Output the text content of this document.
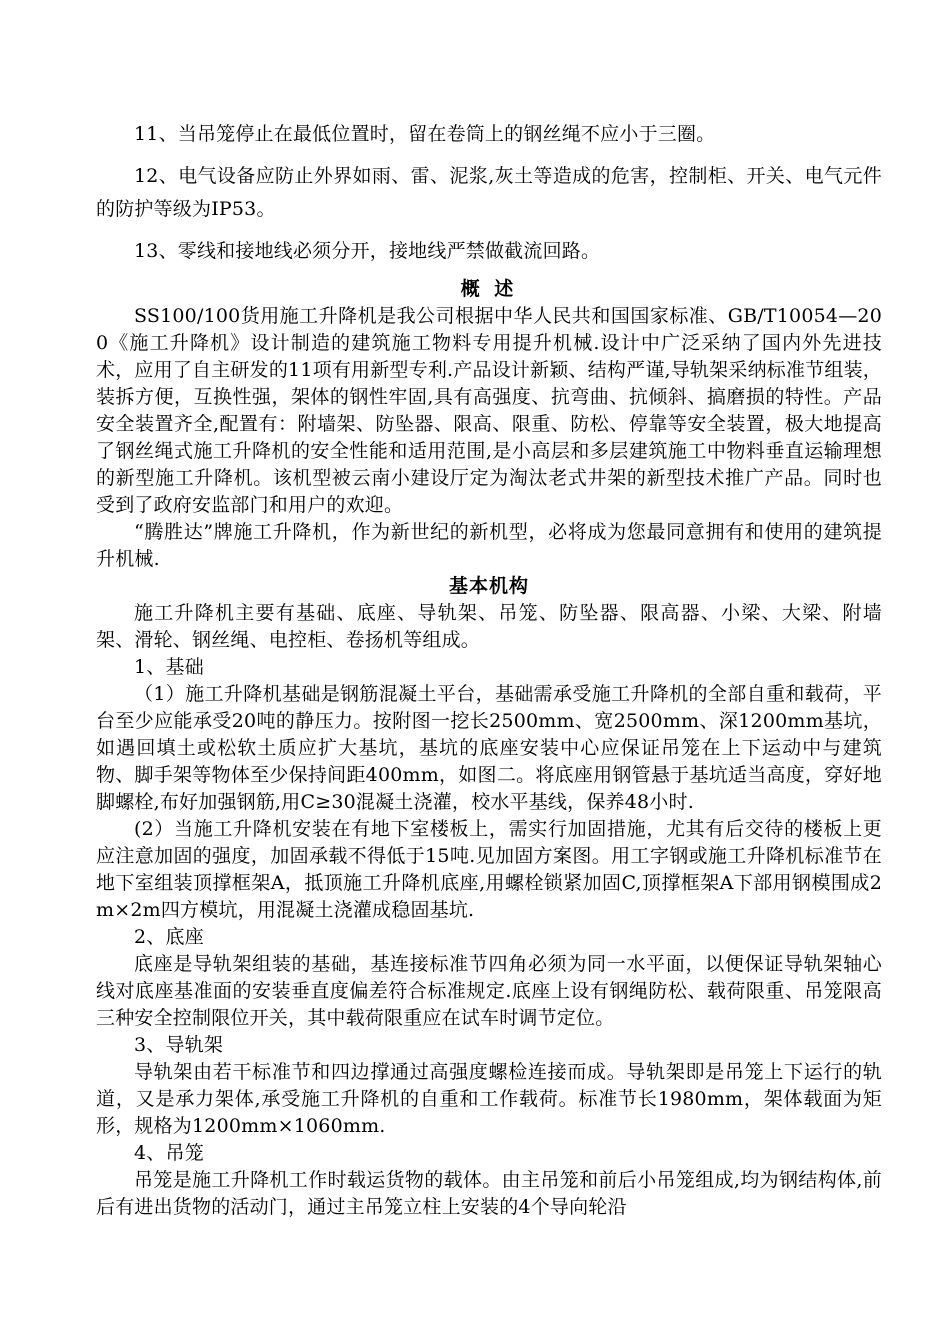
11、当吊笼停止在最低位置时，留在卷筒上的钢丝绳不应小于三圈。

12、电气设备应防止外界如雨、雷、泥浆,灰土等造成的危害，控制柜、开关、电气元件的防护等级为IP53。

13、零线和接地线必须分开，接地线严禁做截流回路。

概 述

SS100/100货用施工升降机是我公司根据中华人民共和国国家标准、GB/T10054—200《施工升降机》设计制造的建筑施工物料专用提升机械.设计中广泛采纳了国内外先进技术，应用了自主研发的11项有用新型专利.产品设计新颖、结构严谨,导轨架采纳标准节组装，装拆方便，互换性强，架体的钢性牢固,具有高强度、抗弯曲、抗倾斜、搞磨损的特性。产品安全装置齐全,配置有：附墙架、防坠器、限高、限重、防松、停靠等安全装置，极大地提高了钢丝绳式施工升降机的安全性能和适用范围,是小高层和多层建筑施工中物料垂直运输理想的新型施工升降机。该机型被云南小建设厅定为淘汰老式井架的新型技术推广产品。同时也受到了政府安监部门和用户的欢迎。

“腾胜达”牌施工升降机，作为新世纪的新机型，必将成为您最同意拥有和使用的建筑提升机械.

基本机构

施工升降机主要有基础、底座、导轨架、吊笼、防坠器、限高器、小梁、大梁、附墙架、滑轮、钢丝绳、电控柜、卷扬机等组成。

1、基础

（1）施工升降机基础是钢筋混凝土平台，基础需承受施工升降机的全部自重和载荷，平台至少应能承受20吨的静压力。按附图一挖长2500mm、宽2500mm、深1200mm基坑，如遇回填土或松软土质应扩大基坑，基坑的底座安装中心应保证吊笼在上下运动中与建筑物、脚手架等物体至少保持间距400mm，如图二。将底座用钢管悬于基坑适当高度，穿好地脚螺栓,布好加强钢筋,用C≥30混凝土浇灌，校水平基线，保养48小时.

(2）当施工升降机安装在有地下室楼板上，需实行加固措施，尤其有后交待的楼板上更应注意加固的强度，加固承载不得低于15吨.见加固方案图。用工字钢或施工升降机标准节在地下室组装顶撑框架A，抵顶施工升降机底座,用螺栓锁紧加固C,顶撑框架A下部用钢模围成2m×2m四方模坑，用混凝土浇灌成稳固基坑.

2、底座

底座是导轨架组装的基础，基连接标准节四角必须为同一水平面，以便保证导轨架轴心线对底座基准面的安装垂直度偏差符合标准规定.底座上设有钢绳防松、载荷限重、吊笼限高三种安全控制限位开关，其中载荷限重应在试车时调节定位。

3、导轨架

导轨架由若干标准节和四边撑通过高强度螺检连接而成。导轨架即是吊笼上下运行的轨道，又是承力架体,承受施工升降机的自重和工作载荷。标准节长1980mm，架体载面为矩形，规格为1200mm×1060mm.

4、吊笼

吊笼是施工升降机工作时载运货物的载体。由主吊笼和前后小吊笼组成,均为钢结构体,前后有进出货物的活动门，通过主吊笼立柱上安装的4个导向轮沿
